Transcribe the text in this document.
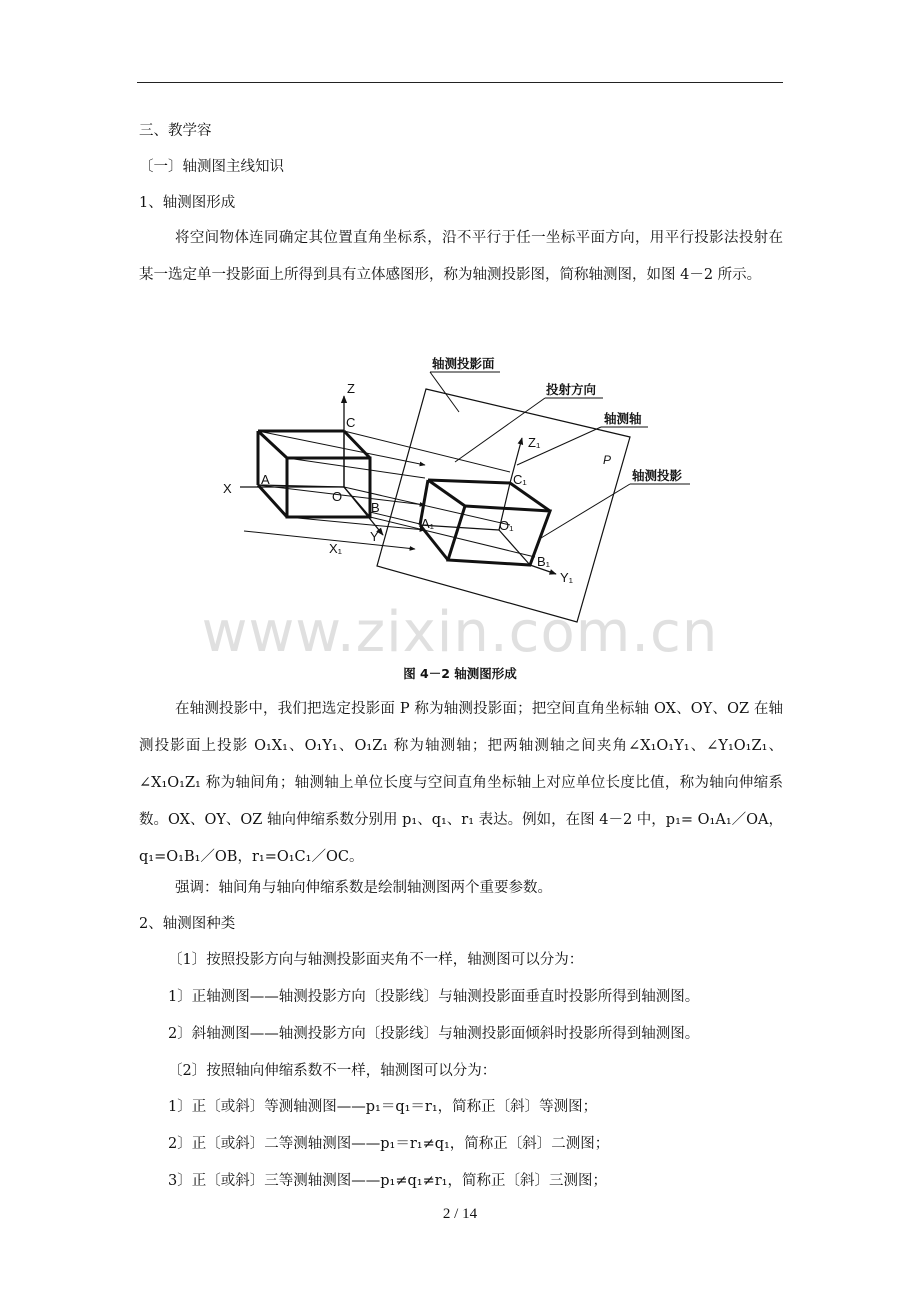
三、教学容
〔一〕轴测图主线知识
1、轴测图形成
将空间物体连同确定其位置直角坐标系，沿不平行于任一坐标平面方向，用平行投影法投射在某一选定单一投影面上所得到具有立体感图形，称为轴测投影图，简称轴测图，如图 4－2 所示。
Z
C
X
A
O
B
X₁
Y
Z₁
P
C₁
A₁	O₁
B₁
Y₁
轴测投影面
投射方向
轴测轴
轴测投影
www.zixin.com.cn
图 4－2 轴测图形成
在轴测投影中，我们把选定投影面 P 称为轴测投影面；把空间直角坐标轴 OX、OY、OZ 在轴测投影面上投影 O₁X₁、O₁Y₁、O₁Z₁ 称为轴测轴；把两轴测轴之间夹角∠X₁O₁Y₁、∠Y₁O₁Z₁、∠X₁O₁Z₁ 称为轴间角；轴测轴上单位长度与空间直角坐标轴上对应单位长度比值，称为轴向伸缩系数。OX、OY、OZ 轴向伸缩系数分别用 p₁、q₁、r₁ 表达。例如，在图 4－2 中，p₁= O₁A₁／OA，q₁=O₁B₁／OB，r₁=O₁C₁／OC。
强调：轴间角与轴向伸缩系数是绘制轴测图两个重要参数。
2、轴测图种类
〔1〕按照投影方向与轴测投影面夹角不一样，轴测图可以分为：
1〕正轴测图——轴测投影方向〔投影线〕与轴测投影面垂直时投影所得到轴测图。
2〕斜轴测图——轴测投影方向〔投影线〕与轴测投影面倾斜时投影所得到轴测图。
〔2〕按照轴向伸缩系数不一样，轴测图可以分为：
1〕正〔或斜〕等测轴测图——p₁＝q₁＝r₁，简称正〔斜〕等测图；
2〕正〔或斜〕二等测轴测图——p₁＝r₁≠q₁，简称正〔斜〕二测图；
3〕正〔或斜〕三等测轴测图——p₁≠q₁≠r₁，简称正〔斜〕三测图；
2 / 14
